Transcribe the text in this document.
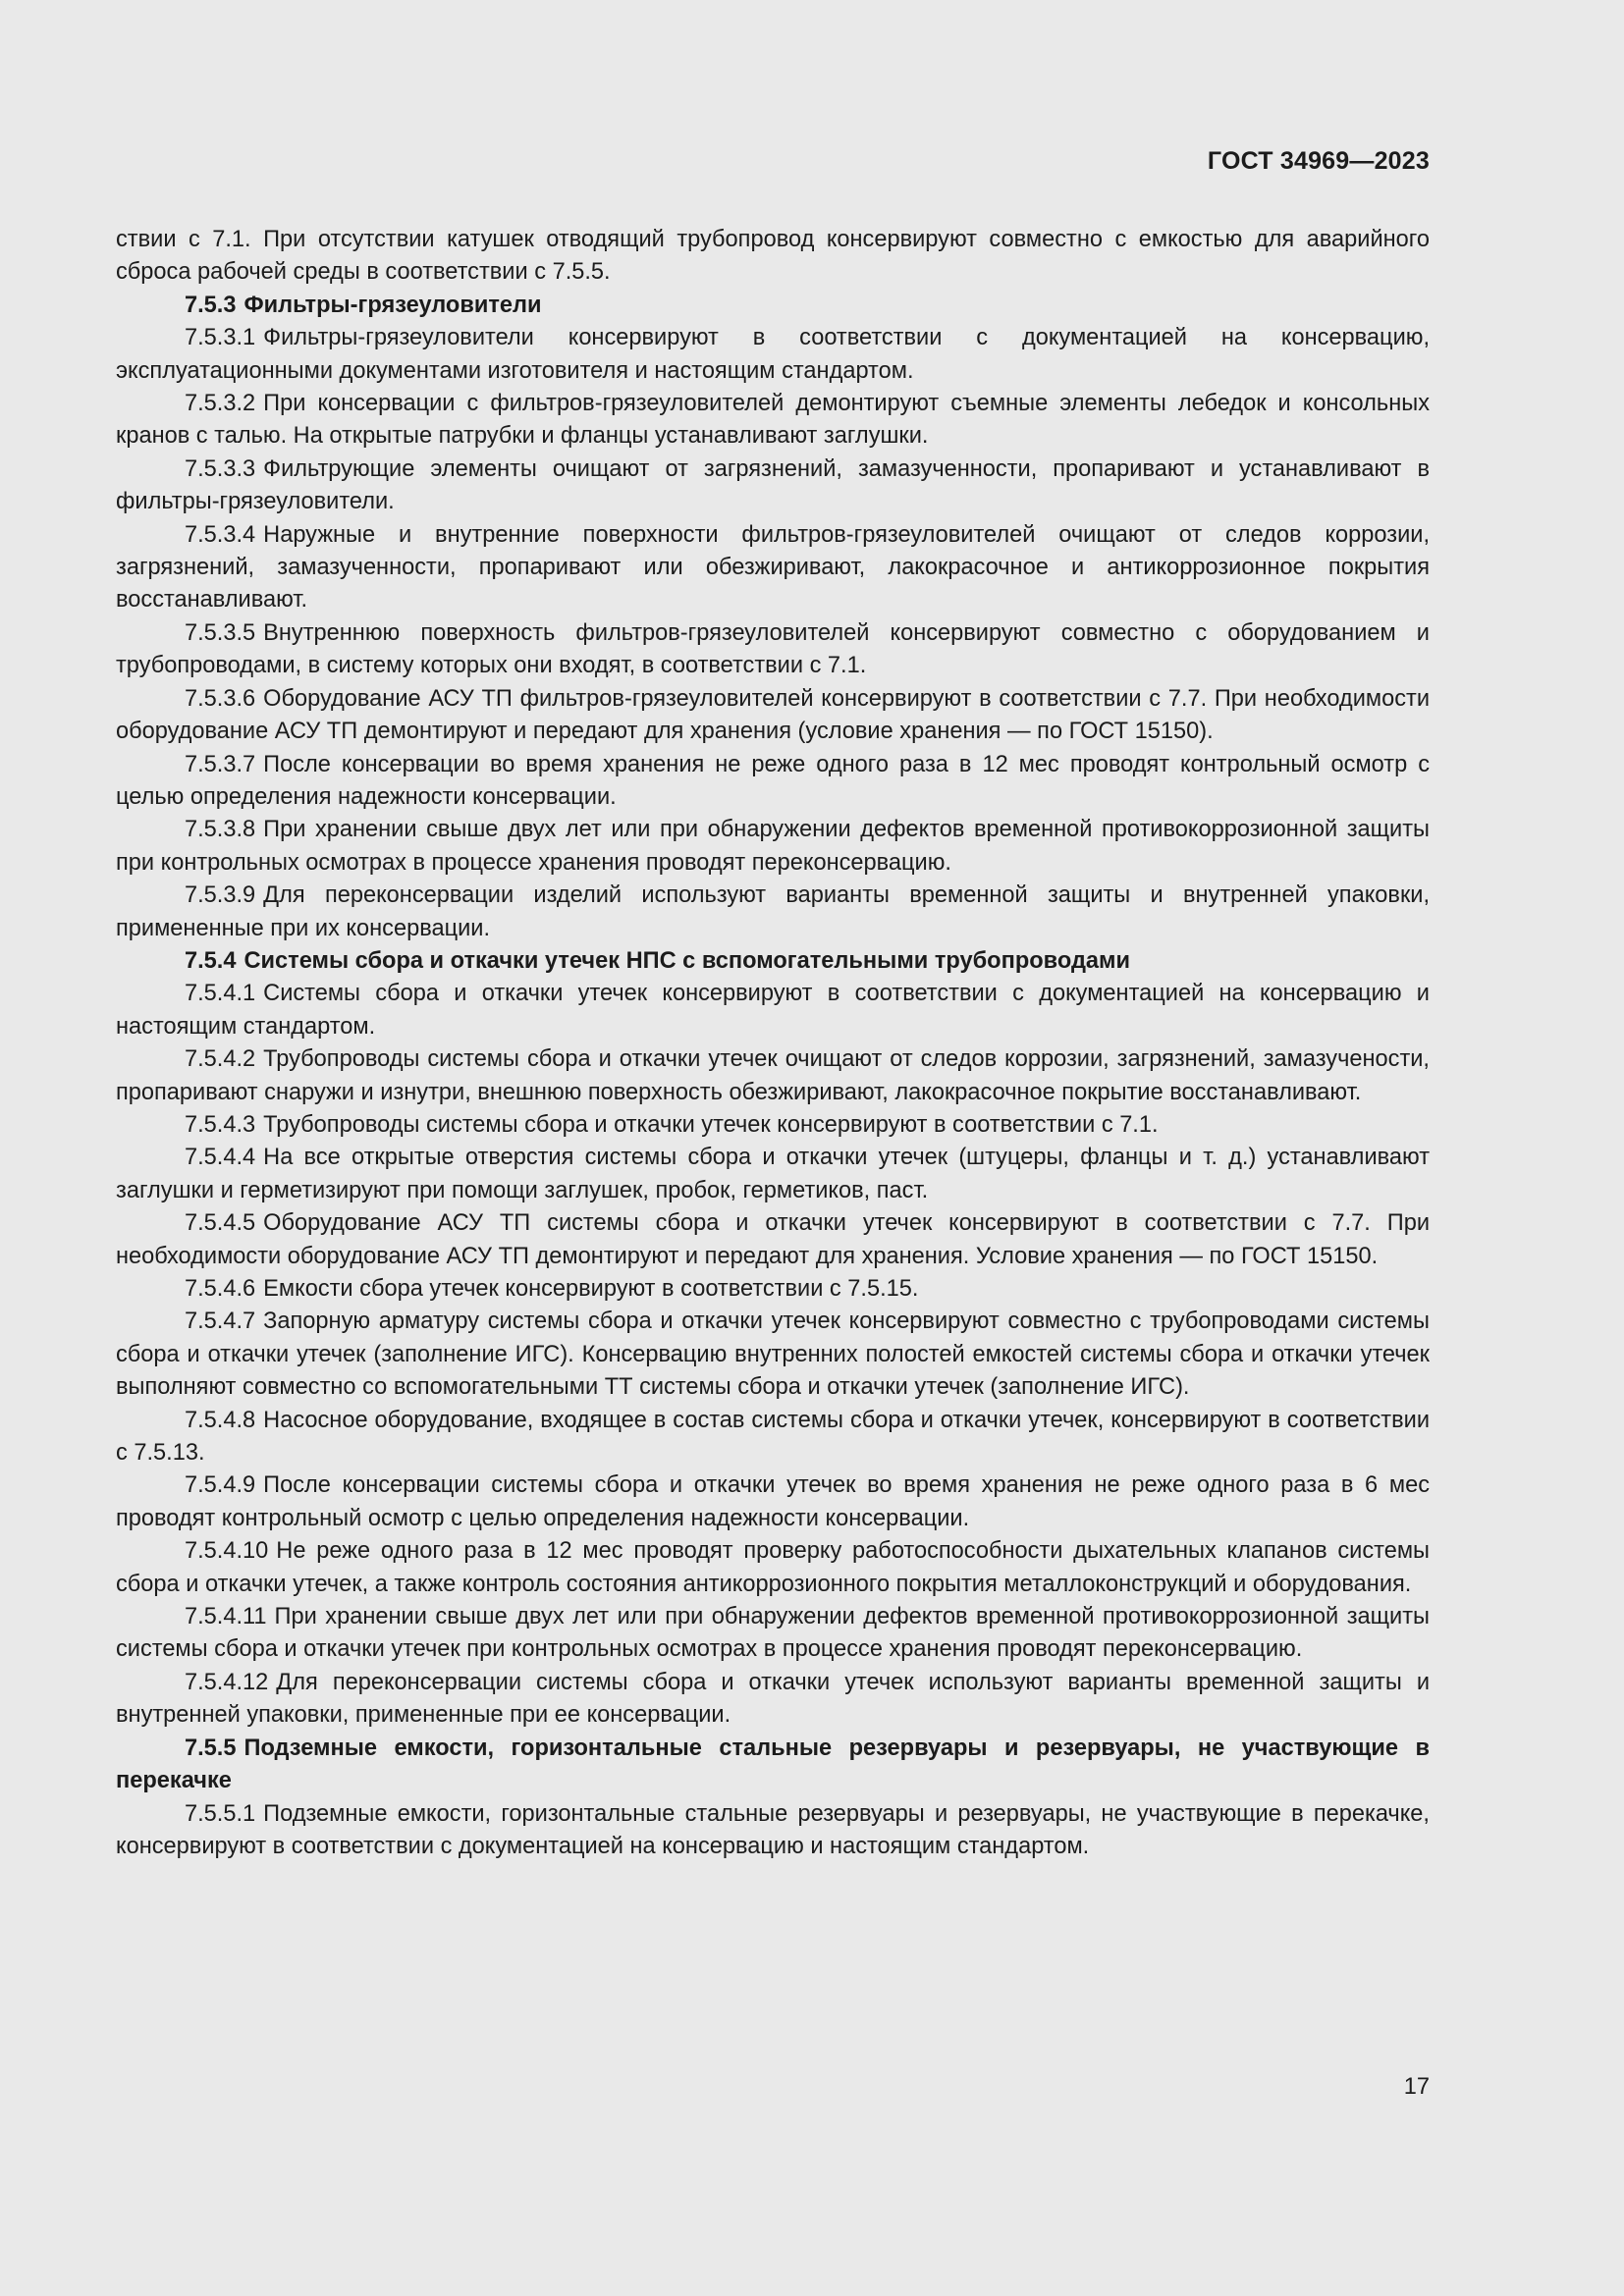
ГОСТ 34969—2023

ствии с 7.1. При отсутствии катушек отводящий трубопровод консервируют совместно с емкостью для аварийного сброса рабочей среды в соответствии с 7.5.5.

7.5.3 Фильтры-грязеуловители

7.5.3.1 Фильтры-грязеуловители консервируют в соответствии с документацией на консервацию, эксплуатационными документами изготовителя и настоящим стандартом.

7.5.3.2 При консервации с фильтров-грязеуловителей демонтируют съемные элементы лебедок и консольных кранов с талью. На открытые патрубки и фланцы устанавливают заглушки.

7.5.3.3 Фильтрующие элементы очищают от загрязнений, замазученности, пропаривают и устанавливают в фильтры-грязеуловители.

7.5.3.4 Наружные и внутренние поверхности фильтров-грязеуловителей очищают от следов коррозии, загрязнений, замазученности, пропаривают или обезжиривают, лакокрасочное и антикоррозионное покрытия восстанавливают.

7.5.3.5 Внутреннюю поверхность фильтров-грязеуловителей консервируют совместно с оборудованием и трубопроводами, в систему которых они входят, в соответствии с 7.1.

7.5.3.6 Оборудование АСУ ТП фильтров-грязеуловителей консервируют в соответствии с 7.7. При необходимости оборудование АСУ ТП демонтируют и передают для хранения (условие хранения — по ГОСТ 15150).

7.5.3.7 После консервации во время хранения не реже одного раза в 12 мес проводят контрольный осмотр с целью определения надежности консервации.

7.5.3.8 При хранении свыше двух лет или при обнаружении дефектов временной противокоррозионной защиты при контрольных осмотрах в процессе хранения проводят переконсервацию.

7.5.3.9 Для переконсервации изделий используют варианты временной защиты и внутренней упаковки, примененные при их консервации.

7.5.4 Системы сбора и откачки утечек НПС с вспомогательными трубопроводами

7.5.4.1 Системы сбора и откачки утечек консервируют в соответствии с документацией на консервацию и настоящим стандартом.

7.5.4.2 Трубопроводы системы сбора и откачки утечек очищают от следов коррозии, загрязнений, замазучености, пропаривают снаружи и изнутри, внешнюю поверхность обезжиривают, лакокрасочное покрытие восстанавливают.

7.5.4.3 Трубопроводы системы сбора и откачки утечек консервируют в соответствии с 7.1.

7.5.4.4 На все открытые отверстия системы сбора и откачки утечек (штуцеры, фланцы и т. д.) устанавливают заглушки и герметизируют при помощи заглушек, пробок, герметиков, паст.

7.5.4.5 Оборудование АСУ ТП системы сбора и откачки утечек консервируют в соответствии с 7.7. При необходимости оборудование АСУ ТП демонтируют и передают для хранения. Условие хранения — по ГОСТ 15150.

7.5.4.6 Емкости сбора утечек консервируют в соответствии с 7.5.15.

7.5.4.7 Запорную арматуру системы сбора и откачки утечек консервируют совместно с трубопроводами системы сбора и откачки утечек (заполнение ИГС). Консервацию внутренних полостей емкостей системы сбора и откачки утечек выполняют совместно со вспомогательными ТТ системы сбора и откачки утечек (заполнение ИГС).

7.5.4.8 Насосное оборудование, входящее в состав системы сбора и откачки утечек, консервируют в соответствии с 7.5.13.

7.5.4.9 После консервации системы сбора и откачки утечек во время хранения не реже одного раза в 6 мес проводят контрольный осмотр с целью определения надежности консервации.

7.5.4.10 Не реже одного раза в 12 мес проводят проверку работоспособности дыхательных клапанов системы сбора и откачки утечек, а также контроль состояния антикоррозионного покрытия металлоконструкций и оборудования.

7.5.4.11 При хранении свыше двух лет или при обнаружении дефектов временной противокоррозионной защиты системы сбора и откачки утечек при контрольных осмотрах в процессе хранения проводят переконсервацию.

7.5.4.12 Для переконсервации системы сбора и откачки утечек используют варианты временной защиты и внутренней упаковки, примененные при ее консервации.

7.5.5 Подземные емкости, горизонтальные стальные резервуары и резервуары, не участвующие в перекачке

7.5.5.1 Подземные емкости, горизонтальные стальные резервуары и резервуары, не участвующие в перекачке, консервируют в соответствии с документацией на консервацию и настоящим стандартом.

17
